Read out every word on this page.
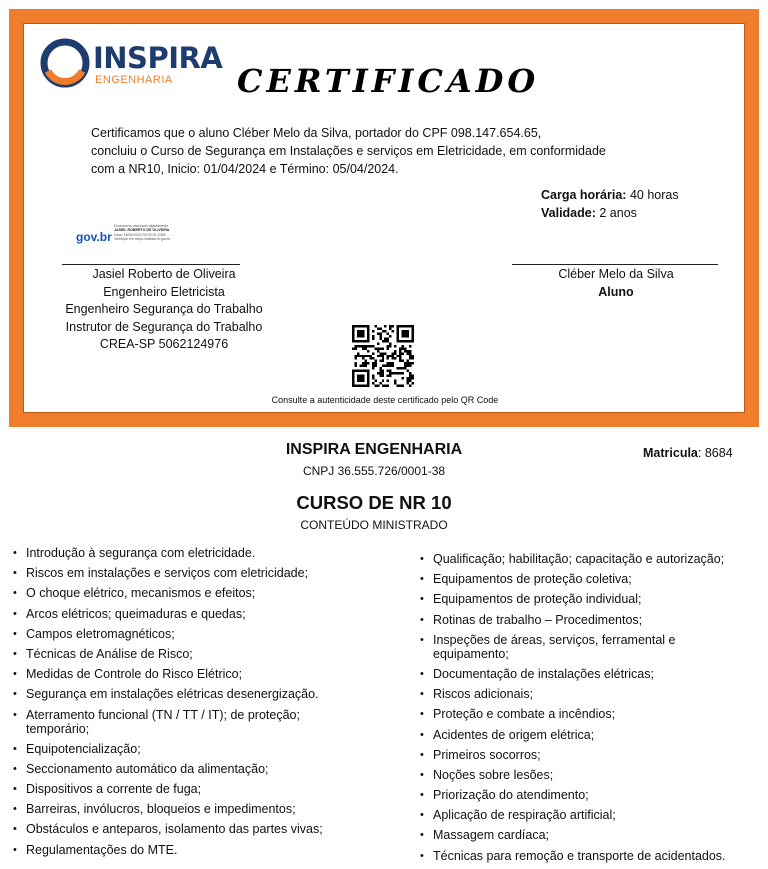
INSPIRA
ENGENHARIA CERTIFICADO
Certificamos que o aluno Cléber Melo da Silva, portador do CPF 098.147.654.65,
concluiu o Curso de Segurança em Instalações e serviços em Eletricidade, em conformidade
com a NR10, Inicio: 01/04/2024 e Término: 05/04/2024.
Carga horária: 40 horas
Validade: 2 anos
gov.br
Documento assinado digitalmente
JASIEL ROBERTO DE OLIVEIRA
Data: 18/04/2024 09:25:31-0300
Verifique em https://validar.iti.gov.br
Jasiel Roberto de Oliveira
Engenheiro Eletricista
Engenheiro Segurança do Trabalho
Instrutor de Segurança do Trabalho
CREA-SP 5062124976
Cléber Melo da Silva
Aluno
Consulte a autenticidade deste certificado pelo QR Code
INSPIRA ENGENHARIA
CNPJ 36.555.726/0001-38
Matricula: 8684
CURSO DE NR 10
CONTEÚDO MINISTRADO
• Introdução à segurança com eletricidade.
• Riscos em instalações e serviços com eletricidade;
• O choque elétrico, mecanismos e efeitos;
• Arcos elétricos; queimaduras e quedas;
• Campos eletromagnéticos;
• Técnicas de Análise de Risco;
• Medidas de Controle do Risco Elétrico;
• Segurança em instalações elétricas desenergização.
• Aterramento funcional (TN / TT / IT); de proteção; temporário;
• Equipotencialização;
• Seccionamento automático da alimentação;
• Dispositivos a corrente de fuga;
• Barreiras, invólucros, bloqueios e impedimentos;
• Obstáculos e anteparos, isolamento das partes vivas;
• Regulamentações do MTE.
• Qualificação; habilitação; capacitação e autorização;
• Equipamentos de proteção coletiva;
• Equipamentos de proteção individual;
• Rotinas de trabalho – Procedimentos;
• Inspeções de áreas, serviços, ferramental e equipamento;
• Documentação de instalações elétricas;
• Riscos adicionais;
• Proteção e combate a incêndios;
• Acidentes de origem elétrica;
• Primeiros socorros;
• Noções sobre lesões;
• Priorização do atendimento;
• Aplicação de respiração artificial;
• Massagem cardíaca;
• Técnicas para remoção e transporte de acidentados.
